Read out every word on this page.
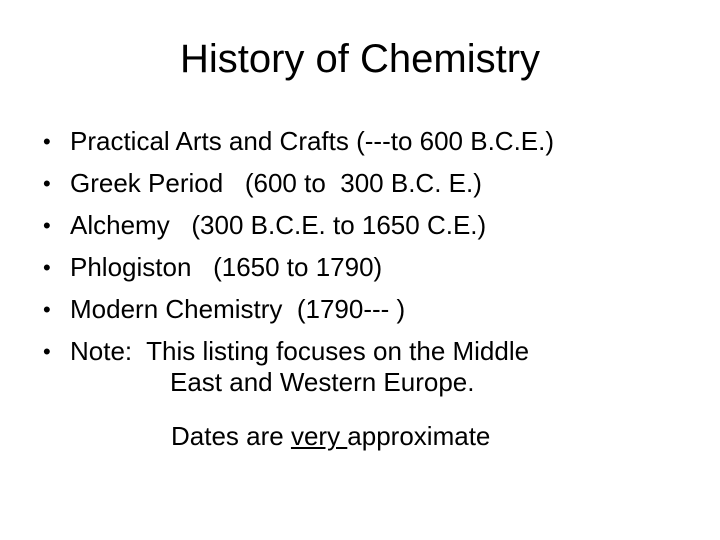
History of Chemistry
• Practical Arts and Crafts (---to 600 B.C.E.)
• Greek Period   (600 to  300 B.C. E.)
• Alchemy   (300 B.C.E. to 1650 C.E.)
• Phlogiston   (1650 to 1790)
• Modern Chemistry  (1790--- )
• Note:  This listing focuses on the Middle
East and Western Europe.
Dates are very approximate
